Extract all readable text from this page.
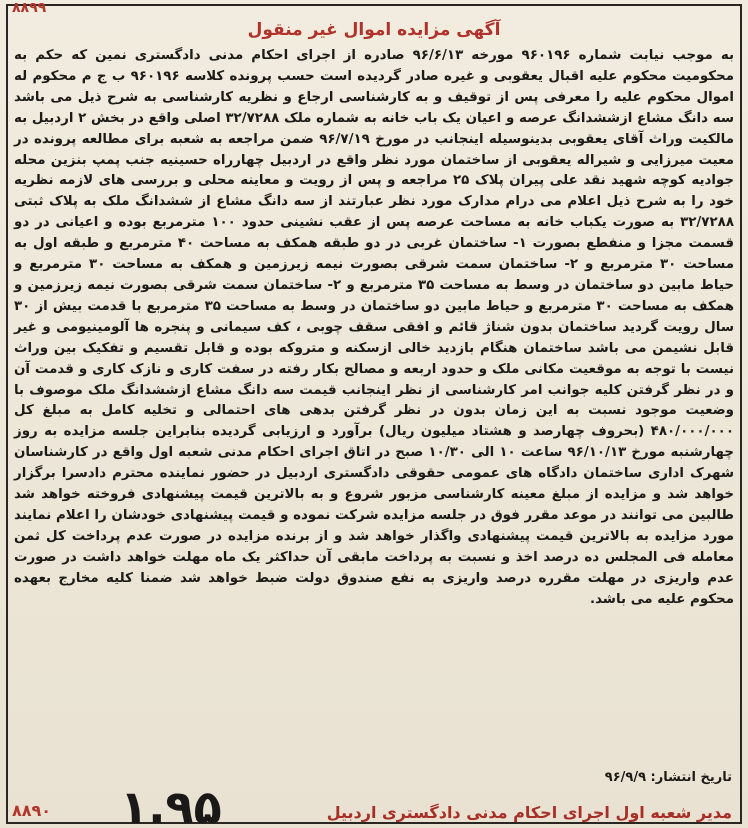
۸۸۹۹
آگهی مزایده اموال غیر منقول

به موجب نیابت شماره ۹۶۰۱۹۶ مورخه ۹۶/۶/۱۳ صادره از اجرای احکام مدنی دادگستری نمین که حکم به محکومیت محکوم علیه اقبال یعقوبی و غیره صادر گردیده است حسب پرونده کلاسه ۹۶۰۱۹۶ ب ج م محکوم له اموال محکوم علیه را معرفی پس از توقیف و به کارشناسی ارجاع و نظریه کارشناسی به شرح ذیل می باشد سه دانگ مشاع ازششدانگ عرصه و اعیان یک باب خانه به شماره ملک ۳۲/۷۲۸۸ اصلی واقع در بخش ۲ اردبیل به مالکیت وراث آقای یعقوبی بدینوسیله اینجانب در مورخ ۹۶/۷/۱۹ ضمن مراجعه به شعبه برای مطالعه پرونده در معیت میرزایی و شیراله یعقوبی از ساختمان مورد نظر واقع در اردبیل چهارراه حسینیه جنب پمپ بنزین محله جوادیه کوچه شهید نقد علی پیران پلاک ۲۵ مراجعه و پس از رویت و معاینه محلی و بررسی های لازمه نظریه خود را به شرح ذیل اعلام می درام مدارک مورد نظر عبارتند از سه دانگ مشاع از ششدانگ ملک به پلاک ثبتی ۳۲/۷۲۸۸ به صورت یکباب خانه به مساحت عرصه پس از عقب نشینی حدود ۱۰۰ مترمربع بوده و اعیانی در دو قسمت مجزا و منفطع بصورت ۱- ساختمان غربی در دو طبقه همکف به مساحت ۴۰ مترمربع و طبقه اول به مساحت ۳۰ مترمربع و ۲- ساختمان سمت شرقی بصورت نیمه زیرزمین و همکف به مساحت ۳۰ مترمربع و حیاط مابین دو ساختمان در وسط به مساحت ۳۵ مترمربع و ۲- ساختمان سمت شرقی بصورت نیمه زیرزمین و همکف به مساحت ۳۰ مترمربع و حیاط مابین دو ساختمان در وسط به مساحت ۳۵ مترمربع با قدمت بیش از ۳۰ سال رویت گردید ساختمان بدون شناژ قائم و افقی سقف چوبی ، کف سیمانی و پنجره ها آلومینیومی و غیر قابل نشیمن می باشد ساختمان هنگام بازدید خالی ازسکنه و متروکه بوده و قابل تقسیم و تفکیک بین وراث نیست با توجه به موقعیت مکانی ملک و حدود اربعه و مصالح بکار رفته در سفت کاری و نازک کاری و قدمت آن و در نظر گرفتن کلیه جوانب امر کارشناسی از نظر اینجانب قیمت سه دانگ مشاع ازششدانگ ملک موصوف با وضعیت موجود نسبت به این زمان بدون در نظر گرفتن بدهی های احتمالی و تخلیه کامل به مبلغ کل ۴۸۰/۰۰۰/۰۰۰ (بحروف چهارصد و هشتاد میلیون ریال) برآورد و ارزیابی گردیده بنابراین جلسه مزایده به روز چهارشنبه مورخ ۹۶/۱۰/۱۳ ساعت ۱۰ الی ۱۰/۳۰ صبح در اتاق اجرای احکام مدنی شعبه اول واقع در کارشناسان شهرک اداری ساختمان دادگاه های عمومی حقوقی دادگستری اردبیل در حضور نماینده محترم دادسرا برگزار خواهد شد و مزایده از مبلغ معینه کارشناسی مزبور شروع و به بالاترین قیمت پیشنهادی فروخته خواهد شد طالبین می توانند در موعد مقرر فوق در جلسه مزایده شرکت نموده و قیمت پیشنهادی خودشان را اعلام نمایند مورد مزایده به بالاترین قیمت پیشنهادی واگذار خواهد شد و از برنده مزایده در صورت عدم پرداخت کل ثمن معامله فی المجلس ده درصد اخذ و نسبت به پرداخت مابقی آن حداکثر یک ماه مهلت خواهد داشت در صورت عدم واریزی در مهلت مقرره درصد واریزی به نفع صندوق دولت ضبط خواهد شد ضمنا کلیه مخارج بعهده محکوم علیه می باشد.

تاریخ انتشار: ۹۶/۹/۹
مدیر شعبه اول اجرای احکام مدنی دادگستری اردبیل
۸۸۹۰ ۱.۹۵
